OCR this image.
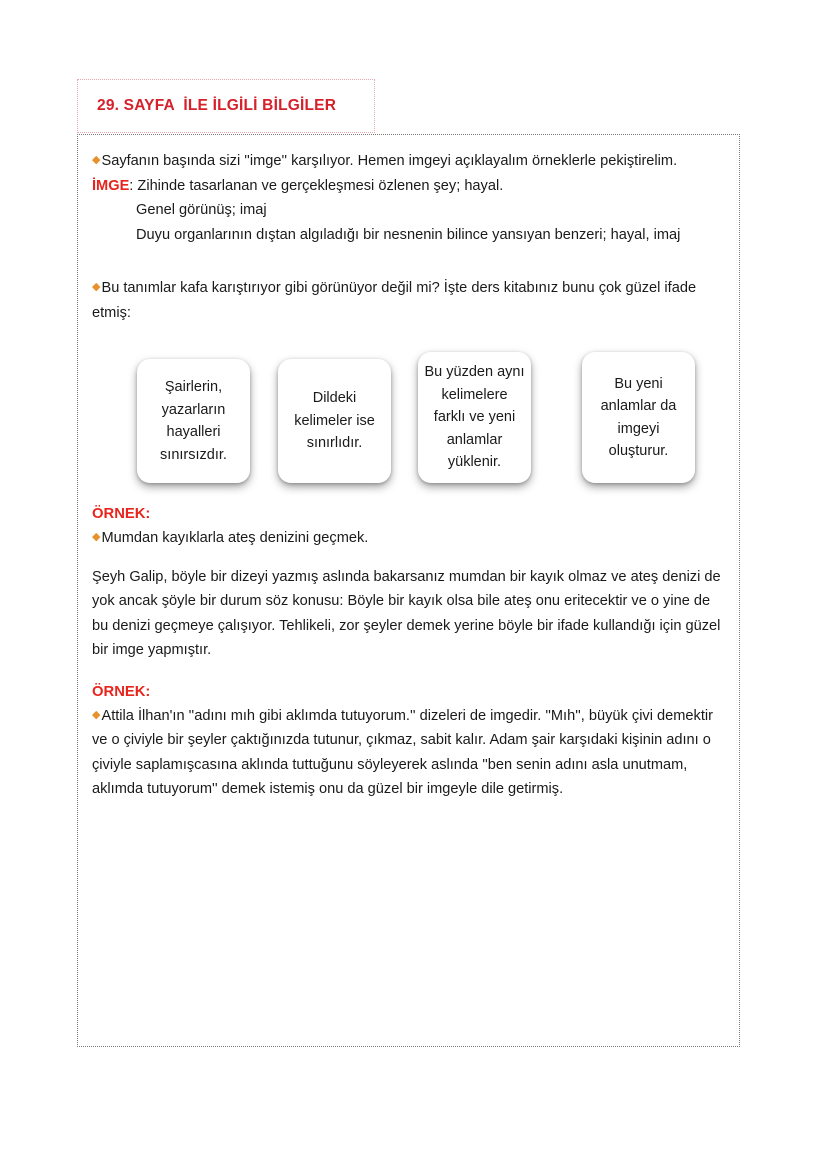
29. SAYFA  İLE İLGİLİ BİLGİLER

◆Sayfanın başında sizi ''imge'' karşılıyor. Hemen imgeyi açıklayalım örneklerle pekiştirelim.

İMGE: Zihinde tasarlanan ve gerçekleşmesi özlenen şey; hayal.

Genel görünüş; imaj

Duyu organlarının dıştan algıladığı bir nesnenin bilince yansıyan benzeri; hayal, imaj

◆Bu tanımlar kafa karıştırıyor gibi görünüyor değil mi? İşte ders kitabınız bunu çok güzel ifade etmiş:

Şairlerin, yazarların hayalleri sınırsızdır.
Dildeki kelimeler ise sınırlıdır.
Bu yüzden aynı kelimelere farklı ve yeni anlamlar yüklenir.
Bu yeni anlamlar da imgeyi oluşturur.

ÖRNEK:

◆Mumdan kayıklarla ateş denizini geçmek.

Şeyh Galip, böyle bir dizeyi yazmış aslında bakarsanız mumdan bir kayık olmaz ve ateş denizi de yok ancak şöyle bir durum söz konusu: Böyle bir kayık olsa bile ateş onu eritecektir ve o yine de bu denizi geçmeye çalışıyor. Tehlikeli, zor şeyler demek yerine böyle bir ifade kullandığı için güzel bir imge yapmıştır.

ÖRNEK:

◆Attila İlhan'ın ''adını mıh gibi aklımda tutuyorum.'' dizeleri de imgedir. ''Mıh'', büyük çivi demektir ve o çiviyle bir şeyler çaktığınızda tutunur, çıkmaz, sabit kalır. Adam şair karşıdaki kişinin adını o çiviyle saplamışcasına aklında tuttuğunu söyleyerek aslında ''ben senin adını asla unutmam, aklımda tutuyorum'' demek istemiş onu da güzel bir imgeyle dile getirmiş.
